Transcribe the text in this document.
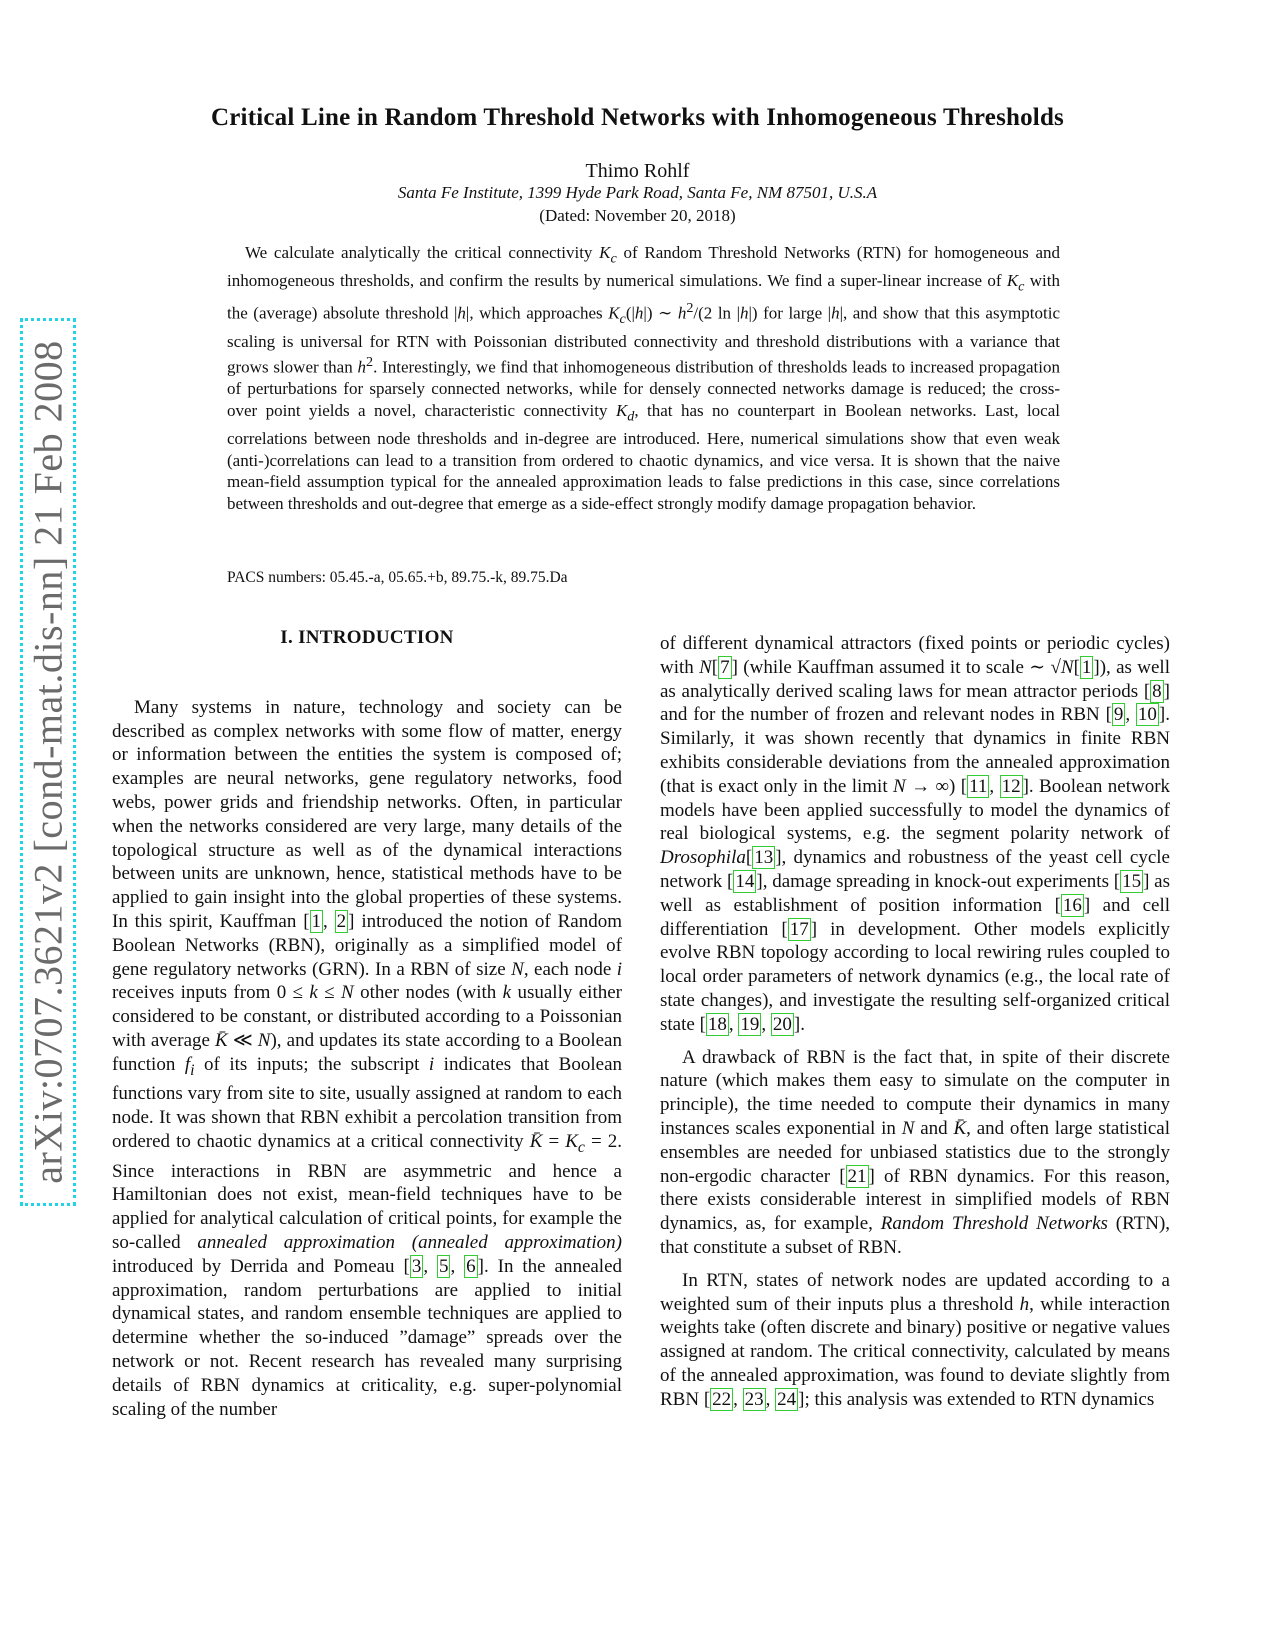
arXiv:0707.3621v2 [cond-mat.dis-nn] 21 Feb 2008
Critical Line in Random Threshold Networks with Inhomogeneous Thresholds
Thimo Rohlf
Santa Fe Institute, 1399 Hyde Park Road, Santa Fe, NM 87501, U.S.A
(Dated: November 20, 2018)
We calculate analytically the critical connectivity $K_c$ of Random Threshold Networks (RTN) for homogeneous and inhomogeneous thresholds, and confirm the results by numerical simulations. We find a super-linear increase of $K_c$ with the (average) absolute threshold |h|, which approaches $K_c(|h|)$ ∼ $h^2/(2$ ln |h|) for large |h|, and show that this asymptotic scaling is universal for RTN with Poissonian distributed connectivity and threshold distributions with a variance that grows slower than $h^2$. Interestingly, we find that inhomogeneous distribution of thresholds leads to increased propagation of perturbations for sparsely connected networks, while for densely connected networks damage is reduced; the cross-over point yields a novel, characteristic connectivity $K_d$, that has no counterpart in Boolean networks. Last, local correlations between node thresholds and in-degree are introduced. Here, numerical simulations show that even weak (anti-)correlations can lead to a transition from ordered to chaotic dynamics, and vice versa. It is shown that the naive mean-field assumption typical for the annealed approximation leads to false predictions in this case, since correlations between thresholds and out-degree that emerge as a side-effect strongly modify damage propagation behavior.
PACS numbers: 05.45.-a, 05.65.+b, 89.75.-k, 89.75.Da
I. INTRODUCTION

Many systems in nature, technology and society can be described as complex networks with some flow of matter, energy or information between the entities the system is composed of; examples are neural networks, gene regulatory networks, food webs, power grids and friendship networks. Often, in particular when the networks considered are very large, many details of the topological structure as well as of the dynamical interactions between units are unknown, hence, statistical methods have to be applied to gain insight into the global properties of these systems. In this spirit, Kauffman [ 1 , 2 ] introduced the notion of Random Boolean Networks (RBN), originally as a simplified model of gene regulatory networks (GRN). In a RBN of size N, each node i receives inputs from 0 ≤ k ≤ N other nodes (with k usually either considered to be constant, or distributed according to a Poissonian with average K̄ ≪ N), and updates its state according to a Boolean function $f_i$ of its inputs; the subscript i indicates that Boolean functions vary from site to site, usually assigned at random to each node. It was shown that RBN exhibit a percolation transition from ordered to chaotic dynamics at a critical connectivity K̄ = $K_c = 2$. Since interactions in RBN are asymmetric and hence a Hamiltonian does not exist, mean-field techniques have to be applied for analytical calculation of critical points, for example the so-called annealed approximation (annealed approximation) introduced by Derrida and Pomeau [ 3 , 5 , 6 ]. In the annealed approximation, random perturbations are applied to initial dynamical states, and random ensemble techniques are applied to determine whether the so-induced ”damage” spreads over the network or not. Recent research has revealed many surprising details of RBN dynamics at criticality, e.g. super-polynomial scaling of the number

of different dynamical attractors (fixed points or periodic cycles) with N[ 7 ] (while Kauffman assumed it to scale ∼ √N[ 1 ]), as well as analytically derived scaling laws for mean attractor periods [ 8 ] and for the number of frozen and relevant nodes in RBN [ 9 , 10 ]. Similarly, it was shown recently that dynamics in finite RBN exhibits considerable deviations from the annealed approximation (that is exact only in the limit N → ∞) [ 11 , 12 ]. Boolean network models have been applied successfully to model the dynamics of real biological systems, e.g. the segment polarity network of Drosophila[ 13 ], dynamics and robustness of the yeast cell cycle network [ 14 ], damage spreading in knock-out experiments [ 15 ] as well as establishment of position information [ 16 ] and cell differentiation [ 17 ] in development. Other models explicitly evolve RBN topology according to local rewiring rules coupled to local order parameters of network dynamics (e.g., the local rate of state changes), and investigate the resulting self-organized critical state [ 18 , 19 , 20 ].

A drawback of RBN is the fact that, in spite of their discrete nature (which makes them easy to simulate on the computer in principle), the time needed to compute their dynamics in many instances scales exponential in N and K̄, and often large statistical ensembles are needed for unbiased statistics due to the strongly non-ergodic character [ 21 ] of RBN dynamics. For this reason, there exists considerable interest in simplified models of RBN dynamics, as, for example, Random Threshold Networks (RTN), that constitute a subset of RBN.

In RTN, states of network nodes are updated according to a weighted sum of their inputs plus a threshold h, while interaction weights take (often discrete and binary) positive or negative values assigned at random. The critical connectivity, calculated by means of the annealed approximation, was found to deviate slightly from RBN [ 22 , 23 , 24 ]; this analysis was extended to RTN dynamics
